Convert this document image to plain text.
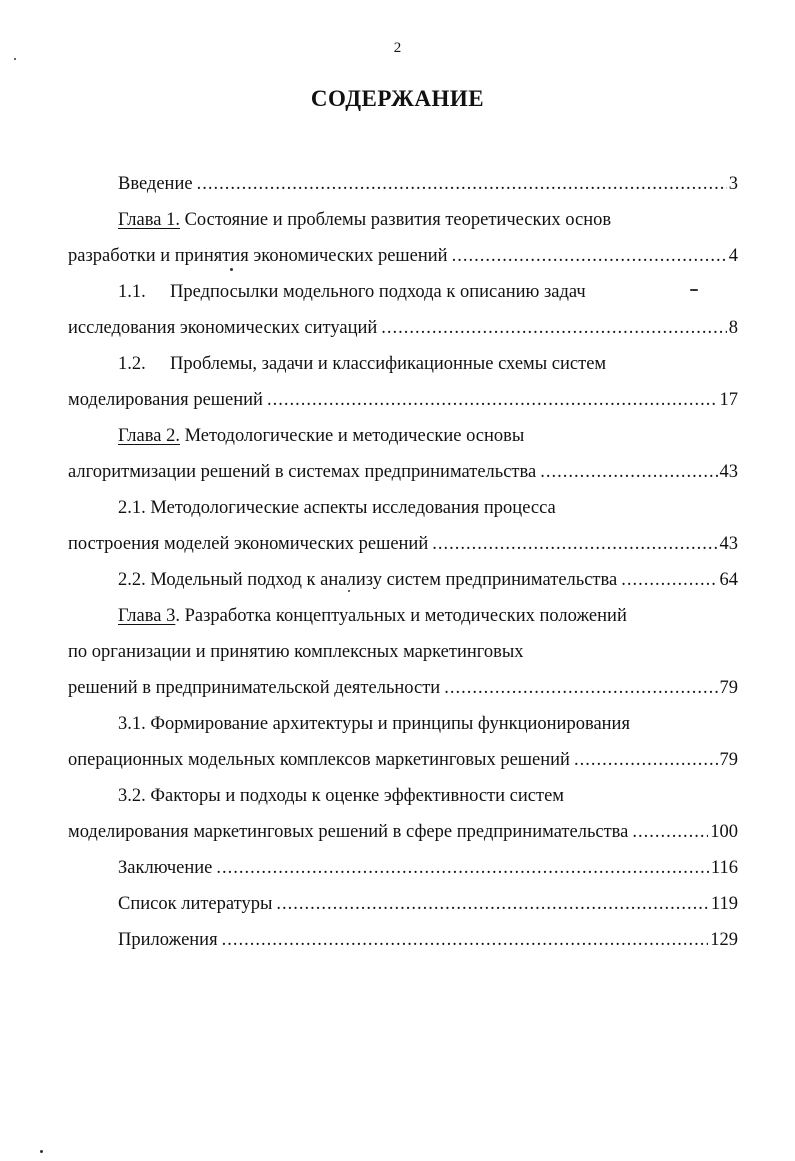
2
СОДЕРЖАНИЕ
Введение .....	3
Глава 1. Состояние и проблемы развития теоретических основ
разработки и принятия экономических решений .....	4
1.1. Предпосылки модельного подхода к описанию задач
исследования экономических ситуаций .....	8
1.2. Проблемы, задачи и классификационные схемы систем
моделирования решений .....	17
Глава 2. Методологические и методические основы
алгоритмизации решений в системах предпринимательства .....	43
2.1. Методологические аспекты исследования процесса
построения моделей экономических решений .....	43
2.2. Модельный подход к анализу систем предпринимательства .....	64
Глава 3. Разработка концептуальных и методических положений
по организации и принятию комплексных маркетинговых
решений в предпринимательской деятельности .....	79
3.1. Формирование архитектуры и принципы функционирования
операционных модельных комплексов маркетинговых решений .....	79
3.2. Факторы и подходы к оценке эффективности систем
моделирования маркетинговых решений в сфере предпринимательства .....	100
Заключение .....	116
Список литературы .....	119
Приложения .....	129
